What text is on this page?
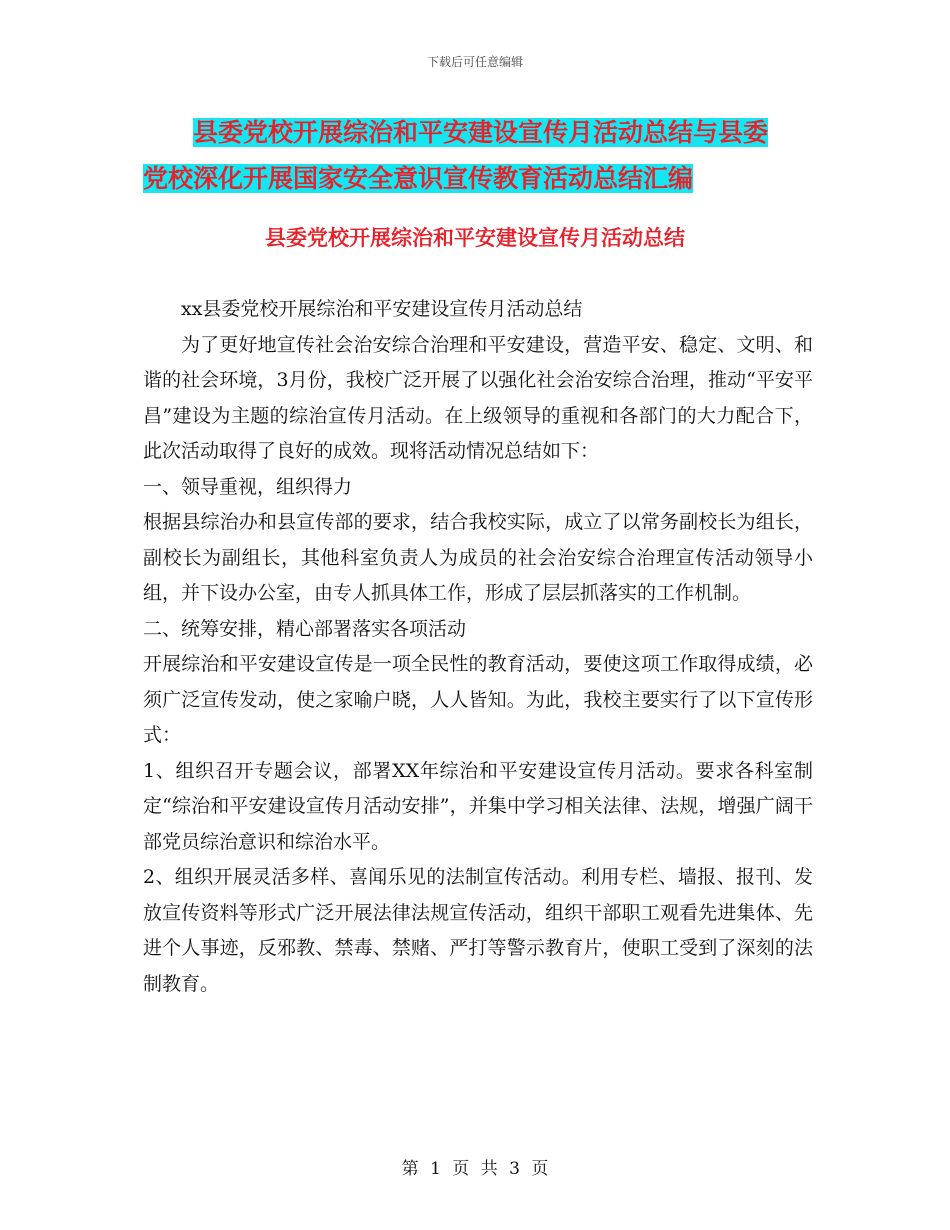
下载后可任意编辑
县委党校开展综治和平安建设宣传月活动总结与县委
党校深化开展国家安全意识宣传教育活动总结汇编
县委党校开展综治和平安建设宣传月活动总结

xx县委党校开展综治和平安建设宣传月活动总结

为了更好地宣传社会治安综合治理和平安建设，营造平安、稳定、文明、和谐的社会环境，3月份，我校广泛开展了以强化社会治安综合治理，推动“平安平昌”建设为主题的综治宣传月活动。在上级领导的重视和各部门的大力配合下，此次活动取得了良好的成效。现将活动情况总结如下：

一、领导重视，组织得力

根据县综治办和县宣传部的要求，结合我校实际，成立了以常务副校长为组长，副校长为副组长，其他科室负责人为成员的社会治安综合治理宣传活动领导小组，并下设办公室，由专人抓具体工作，形成了层层抓落实的工作机制。

二、统筹安排，精心部署落实各项活动

开展综治和平安建设宣传是一项全民性的教育活动，要使这项工作取得成绩，必须广泛宣传发动，使之家喻户晓，人人皆知。为此，我校主要实行了以下宣传形式：

1、组织召开专题会议，部署XX年综治和平安建设宣传月活动。要求各科室制定“综治和平安建设宣传月活动安排”，并集中学习相关法律、法规，增强广阔干部党员综治意识和综治水平。

2、组织开展灵活多样、喜闻乐见的法制宣传活动。利用专栏、墙报、报刊、发放宣传资料等形式广泛开展法律法规宣传活动，组织干部职工观看先进集体、先进个人事迹，反邪教、禁毒、禁赌、严打等警示教育片，使职工受到了深刻的法制教育。

第 1 页 共 3 页
